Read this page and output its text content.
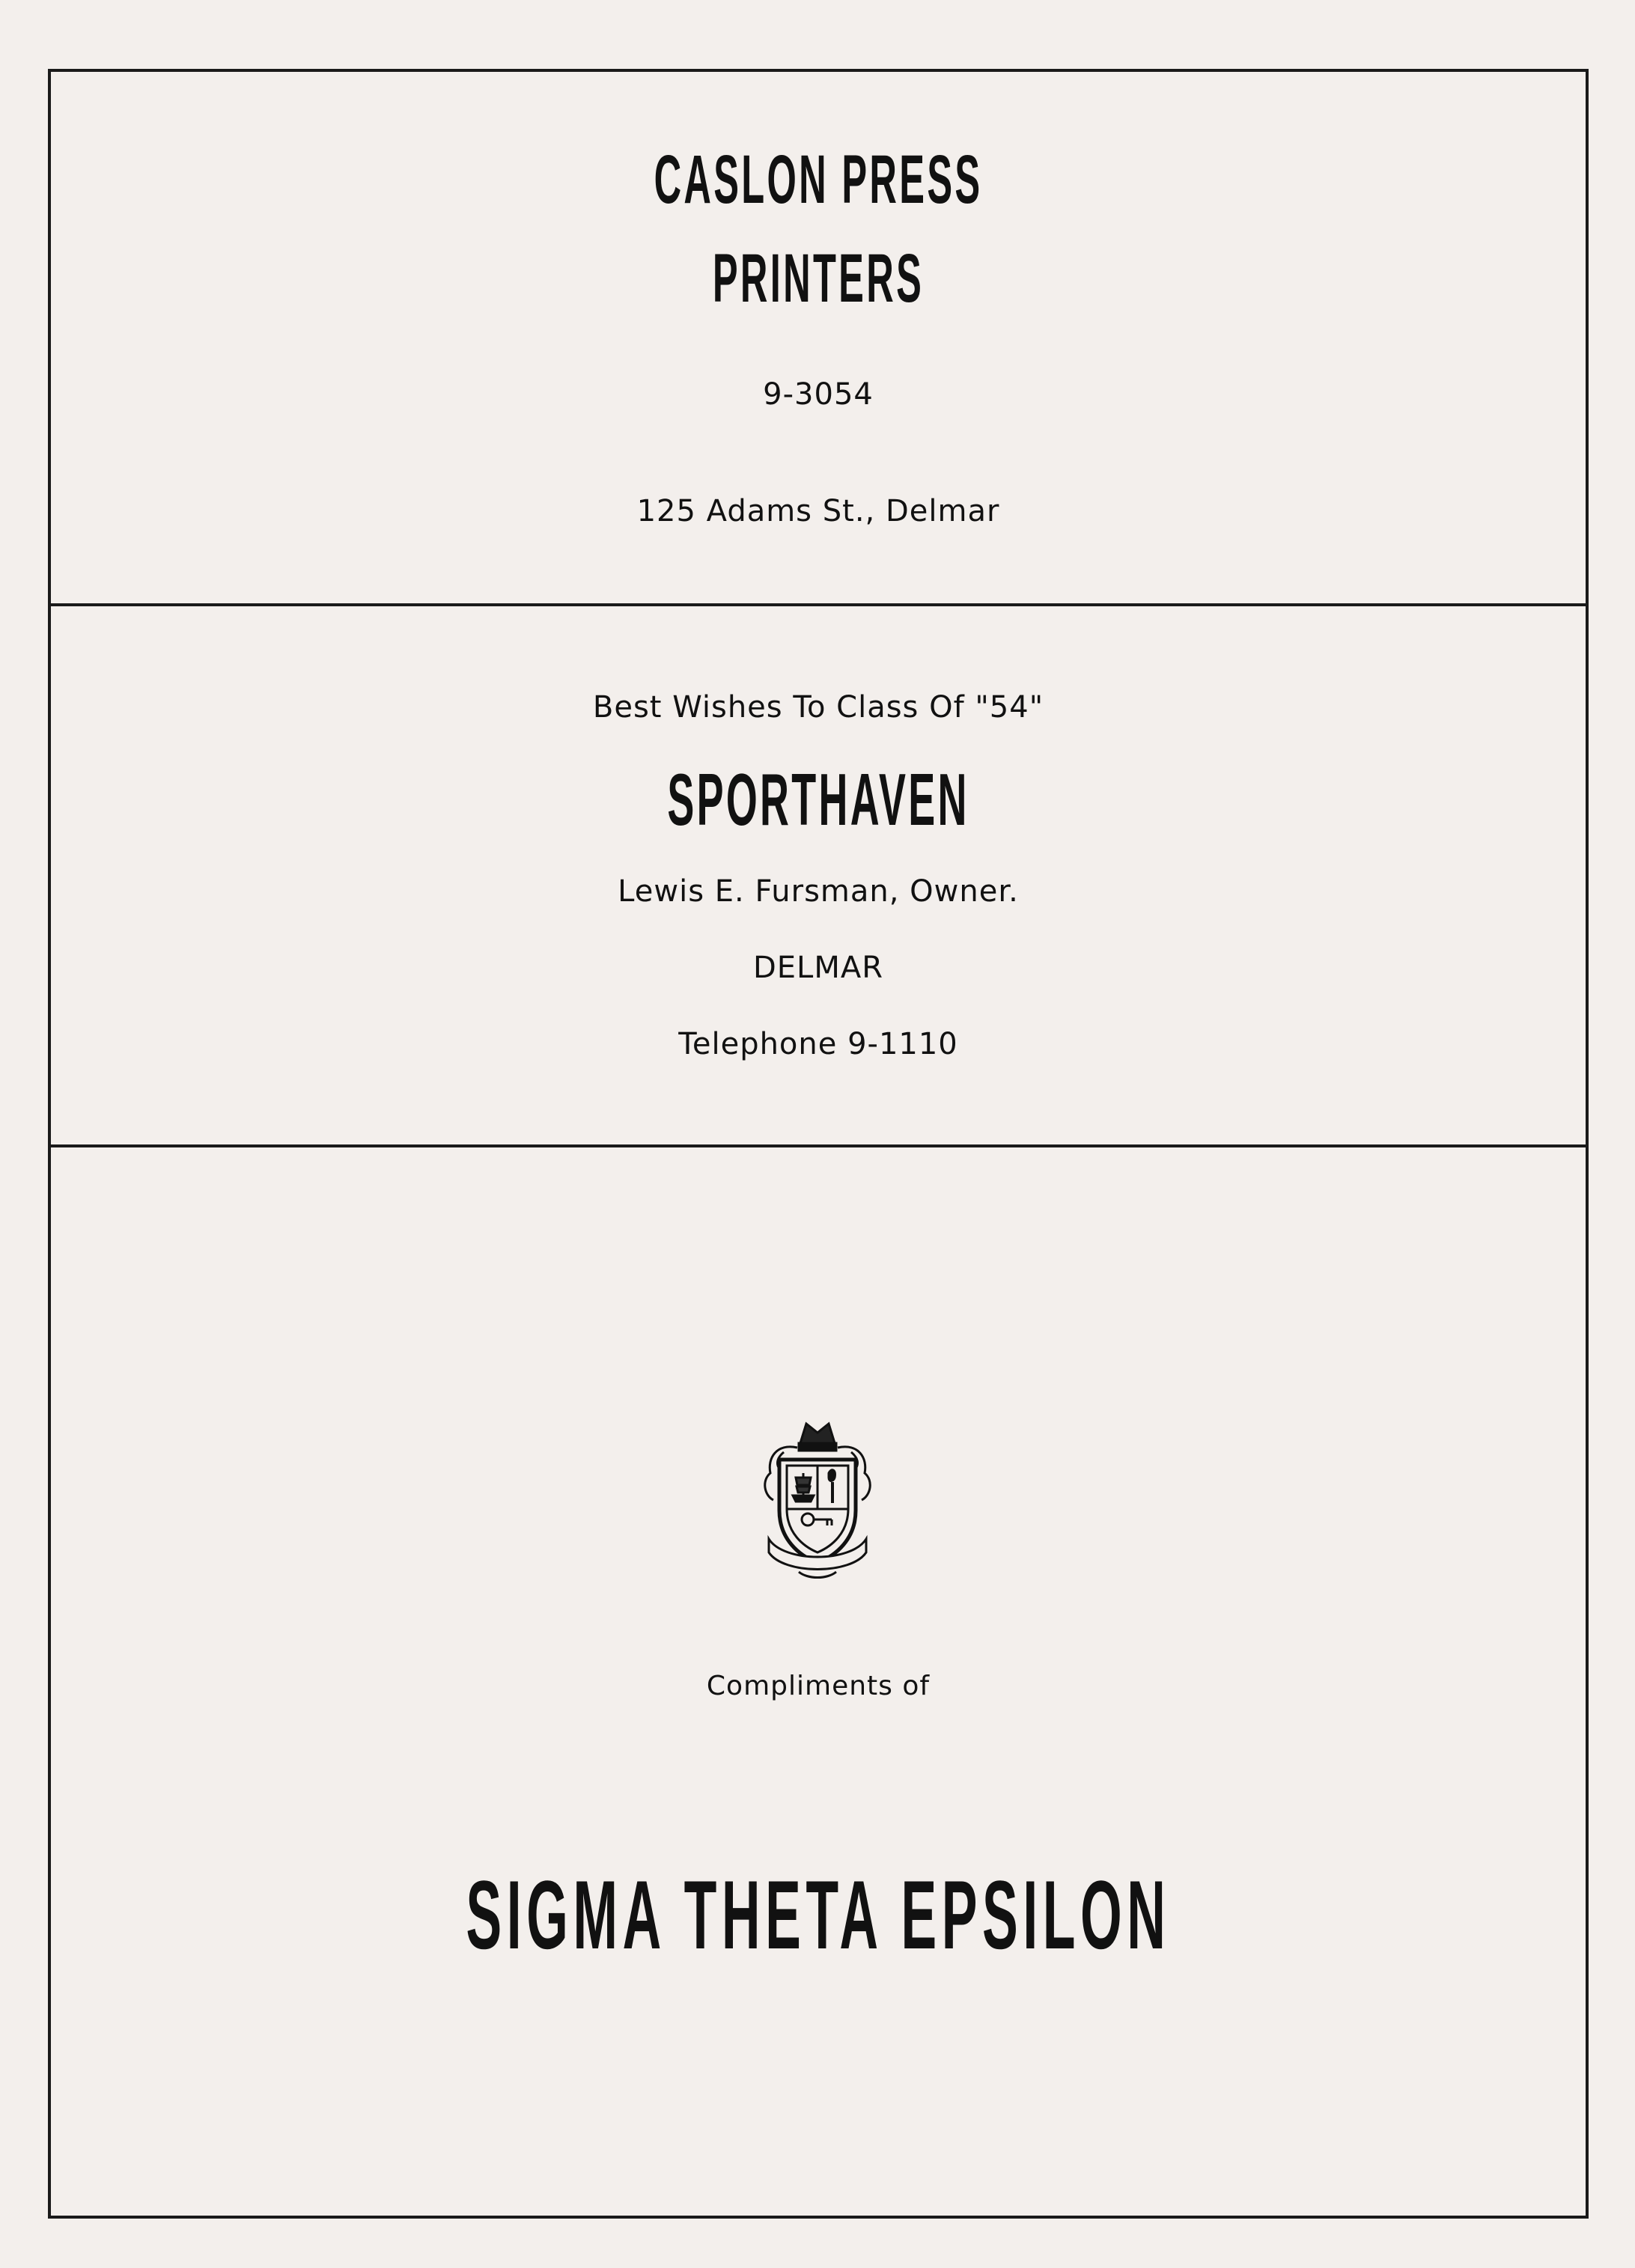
CASLON PRESS
PRINTERS
9-3054
125 Adams St., Delmar
Best Wishes To Class Of "54"
SPORTHAVEN
Lewis E. Fursman, Owner.
DELMAR
Telephone 9-1110
Compliments of
SIGMA THETA EPSILON
